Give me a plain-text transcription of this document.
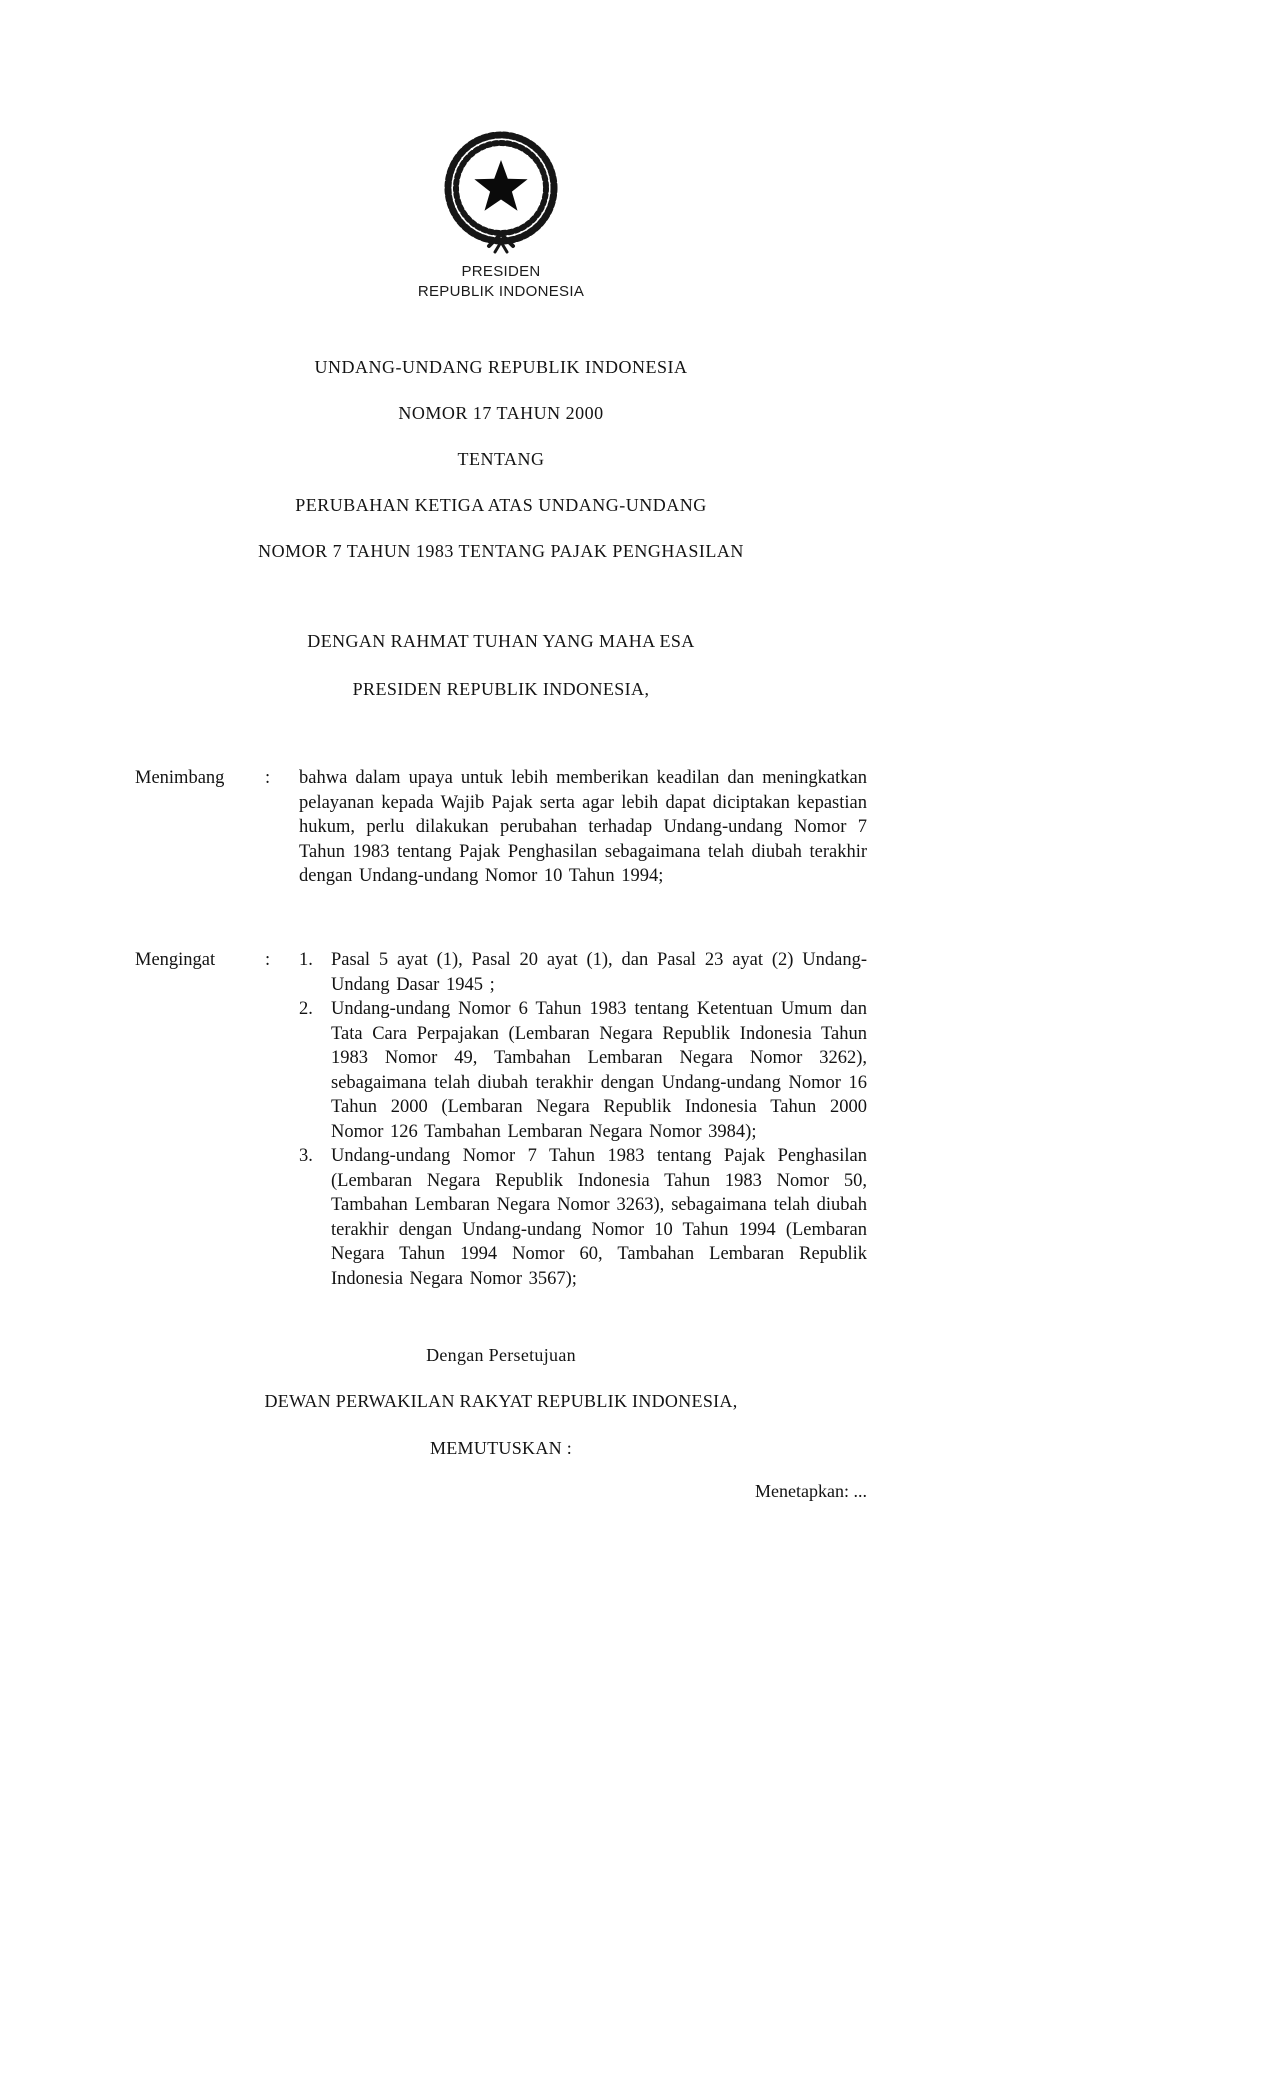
PRESIDEN
REPUBLIK INDONESIA
UNDANG-UNDANG REPUBLIK INDONESIA
NOMOR 17 TAHUN 2000
TENTANG
PERUBAHAN KETIGA ATAS UNDANG-UNDANG
NOMOR 7 TAHUN 1983 TENTANG PAJAK PENGHASILAN
DENGAN RAHMAT TUHAN YANG MAHA ESA
PRESIDEN REPUBLIK INDONESIA,
Menimbang	:	bahwa dalam upaya untuk lebih memberikan keadilan dan meningkatkan pelayanan kepada Wajib Pajak serta agar lebih dapat diciptakan kepastian hukum, perlu dilakukan perubahan terhadap Undang-undang Nomor 7 Tahun 1983 tentang Pajak Penghasilan sebagaimana telah diubah terakhir dengan Undang-undang Nomor 10 Tahun 1994;
Mengingat	:	1. Pasal 5 ayat (1), Pasal 20 ayat (1), dan Pasal 23 ayat (2) Undang-Undang Dasar 1945 ;
2. Undang-undang Nomor 6 Tahun 1983 tentang Ketentuan Umum dan Tata Cara Perpajakan (Lembaran Negara Republik Indonesia Tahun 1983 Nomor 49, Tambahan Lembaran Negara Nomor 3262), sebagaimana telah diubah terakhir dengan Undang-undang Nomor 16 Tahun 2000 (Lembaran Negara Republik Indonesia Tahun 2000 Nomor 126 Tambahan Lembaran Negara Nomor 3984);
3. Undang-undang Nomor 7 Tahun 1983 tentang Pajak Penghasilan (Lembaran Negara Republik Indonesia Tahun 1983 Nomor 50, Tambahan Lembaran Negara Nomor 3263), sebagaimana telah diubah terakhir dengan Undang-undang Nomor 10 Tahun 1994 (Lembaran Negara Tahun 1994 Nomor 60, Tambahan Lembaran Republik Indonesia Negara Nomor 3567);
Dengan Persetujuan
DEWAN PERWAKILAN RAKYAT REPUBLIK INDONESIA,
MEMUTUSKAN :
Menetapkan: ...
